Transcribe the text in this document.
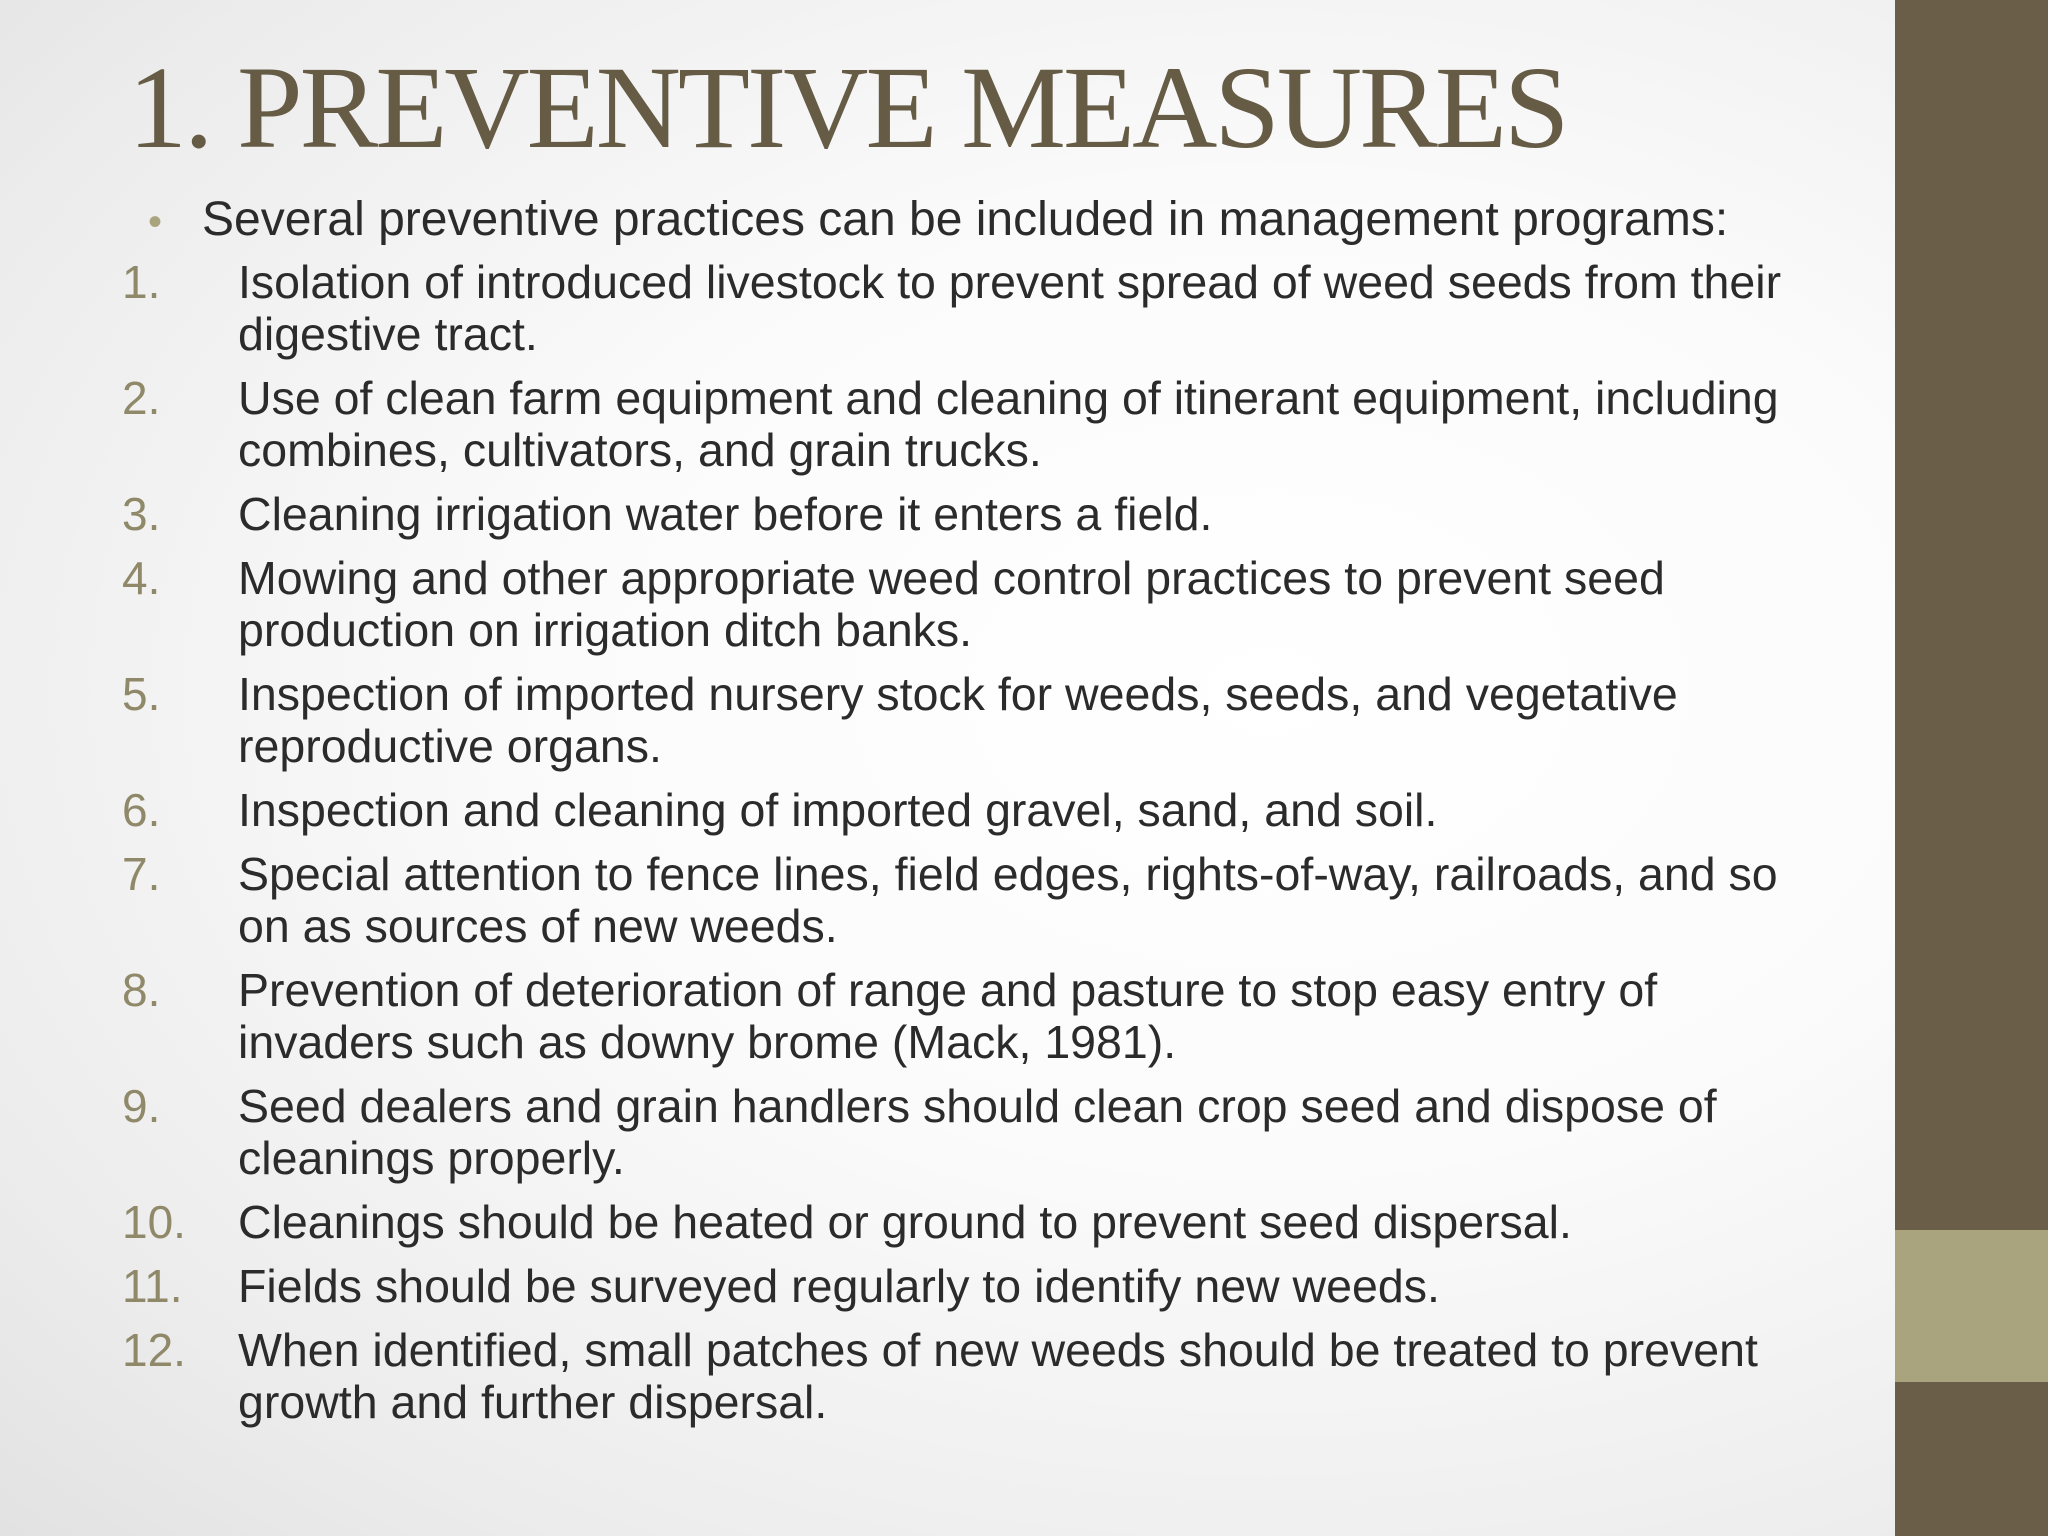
1. PREVENTIVE MEASURES
• Several preventive practices can be included in management programs:
1.	Isolation of introduced livestock to prevent spread of weed seeds from their
digestive tract.
2.	Use of clean farm equipment and cleaning of itinerant equipment, including
combines, cultivators, and grain trucks.
3.	Cleaning irrigation water before it enters a field.
4.	Mowing and other appropriate weed control practices to prevent seed
production on irrigation ditch banks.
5.	Inspection of imported nursery stock for weeds, seeds, and vegetative
reproductive organs.
6.	Inspection and cleaning of imported gravel, sand, and soil.
7.	Special attention to fence lines, field edges, rights-of-way, railroads, and so
on as sources of new weeds.
8.	Prevention of deterioration of range and pasture to stop easy entry of
invaders such as downy brome (Mack, 1981).
9.	Seed dealers and grain handlers should clean crop seed and dispose of
cleanings properly.
10.	Cleanings should be heated or ground to prevent seed dispersal.
11.	Fields should be surveyed regularly to identify new weeds.
12.	When identified, small patches of new weeds should be treated to prevent
growth and further dispersal.
